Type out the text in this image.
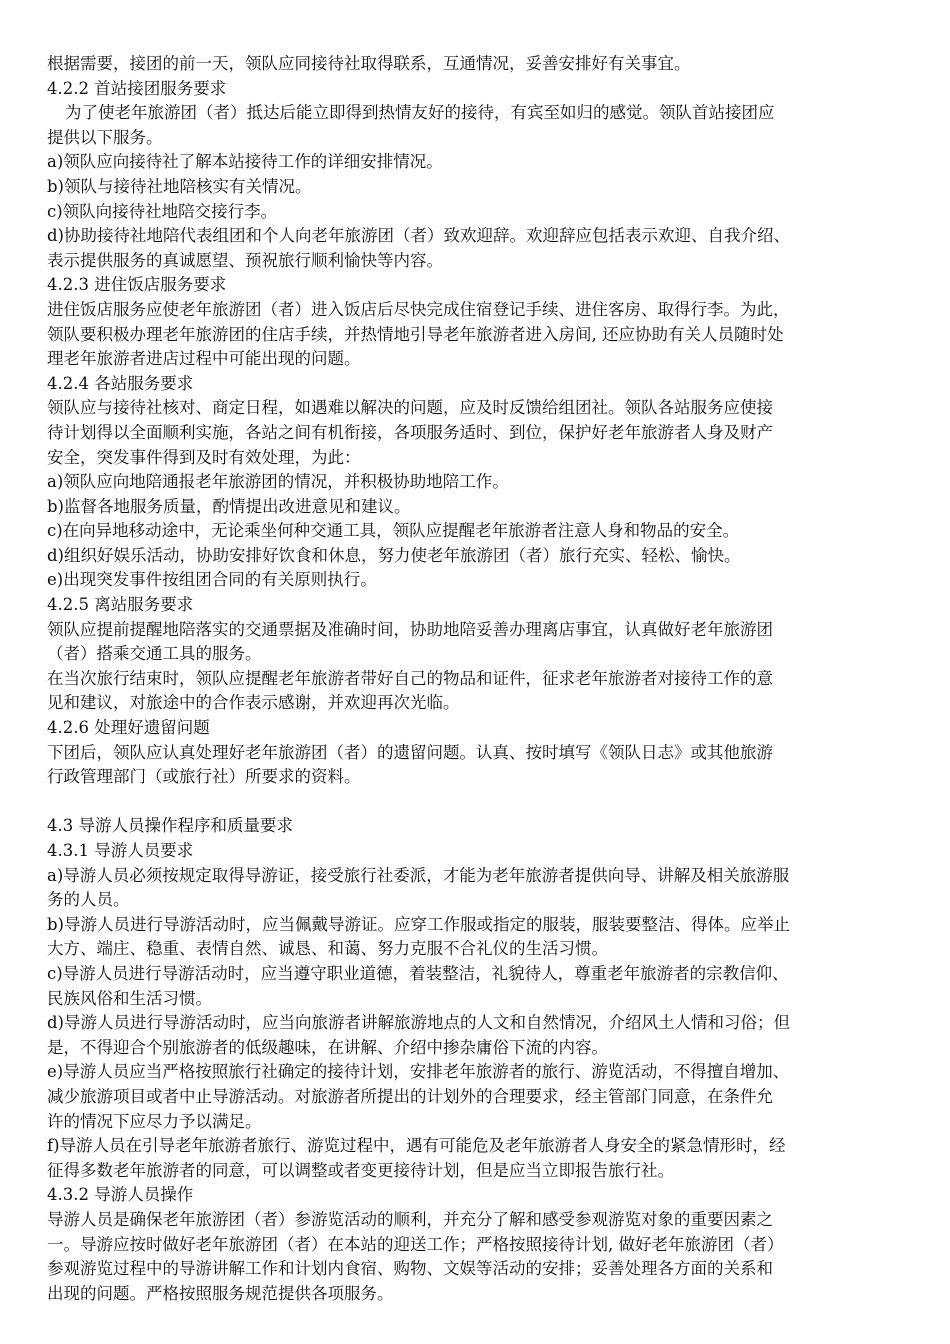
根据需要，接团的前一天，领队应同接待社取得联系，互通情况，妥善安排好有关事宜。
4.2.2 首站接团服务要求
为了使老年旅游团（者）抵达后能立即得到热情友好的接待，有宾至如归的感觉。领队首站接团应
提供以下服务。
a)领队应向接待社了解本站接待工作的详细安排情况。
b)领队与接待社地陪核实有关情况。
c)领队向接待社地陪交接行李。
d)协助接待社地陪代表组团和个人向老年旅游团（者）致欢迎辞。欢迎辞应包括表示欢迎、自我介绍、
表示提供服务的真诚愿望、预祝旅行顺利愉快等内容。
4.2.3 进住饭店服务要求
进住饭店服务应使老年旅游团（者）进入饭店后尽快完成住宿登记手续、进住客房、取得行李。为此，
领队要积极办理老年旅游团的住店手续，并热情地引导老年旅游者进入房间, 还应协助有关人员随时处
理老年旅游者进店过程中可能出现的问题。
4.2.4 各站服务要求
领队应与接待社核对、商定日程，如遇难以解决的问题，应及时反馈给组团社。领队各站服务应使接
待计划得以全面顺利实施，各站之间有机衔接，各项服务适时、到位，保护好老年旅游者人身及财产
安全，突发事件得到及时有效处理，为此：
a)领队应向地陪通报老年旅游团的情况，并积极协助地陪工作。
b)监督各地服务质量，酌情提出改进意见和建议。
c)在向异地移动途中，无论乘坐何种交通工具，领队应提醒老年旅游者注意人身和物品的安全。
d)组织好娱乐活动，协助安排好饮食和休息，努力使老年旅游团（者）旅行充实、轻松、愉快。
e)出现突发事件按组团合同的有关原则执行。
4.2.5 离站服务要求
领队应提前提醒地陪落实的交通票据及准确时间，协助地陪妥善办理离店事宜，认真做好老年旅游团
（者）搭乘交通工具的服务。
在当次旅行结束时，领队应提醒老年旅游者带好自己的物品和证件，征求老年旅游者对接待工作的意
见和建议，对旅途中的合作表示感谢，并欢迎再次光临。
4.2.6 处理好遗留问题
下团后，领队应认真处理好老年旅游团（者）的遗留问题。认真、按时填写《领队日志》或其他旅游
行政管理部门（或旅行社）所要求的资料。
4.3 导游人员操作程序和质量要求
4.3.1 导游人员要求
a)导游人员必须按规定取得导游证，接受旅行社委派，才能为老年旅游者提供向导、讲解及相关旅游服
务的人员。
b)导游人员进行导游活动时，应当佩戴导游证。应穿工作服或指定的服装，服装要整洁、得体。应举止
大方、端庄、稳重、表情自然、诚恳、和蔼、努力克服不合礼仪的生活习惯。
c)导游人员进行导游活动时，应当遵守职业道德，着装整洁，礼貌待人，尊重老年旅游者的宗教信仰、
民族风俗和生活习惯。
d)导游人员进行导游活动时，应当向旅游者讲解旅游地点的人文和自然情况，介绍风土人情和习俗；但
是，不得迎合个别旅游者的低级趣味，在讲解、介绍中掺杂庸俗下流的内容。
e)导游人员应当严格按照旅行社确定的接待计划，安排老年旅游者的旅行、游览活动，不得擅自增加、
减少旅游项目或者中止导游活动。对旅游者所提出的计划外的合理要求，经主管部门同意，在条件允
许的情况下应尽力予以满足。
f)导游人员在引导老年旅游者旅行、游览过程中，遇有可能危及老年旅游者人身安全的紧急情形时，经
征得多数老年旅游者的同意，可以调整或者变更接待计划，但是应当立即报告旅行社。
4.3.2 导游人员操作
导游人员是确保老年旅游团（者）参游览活动的顺利，并充分了解和感受参观游览对象的重要因素之
一。导游应按时做好老年旅游团（者）在本站的迎送工作；严格按照接待计划, 做好老年旅游团（者）
参观游览过程中的导游讲解工作和计划内食宿、购物、文娱等活动的安排；妥善处理各方面的关系和
出现的问题。严格按照服务规范提供各项服务。
